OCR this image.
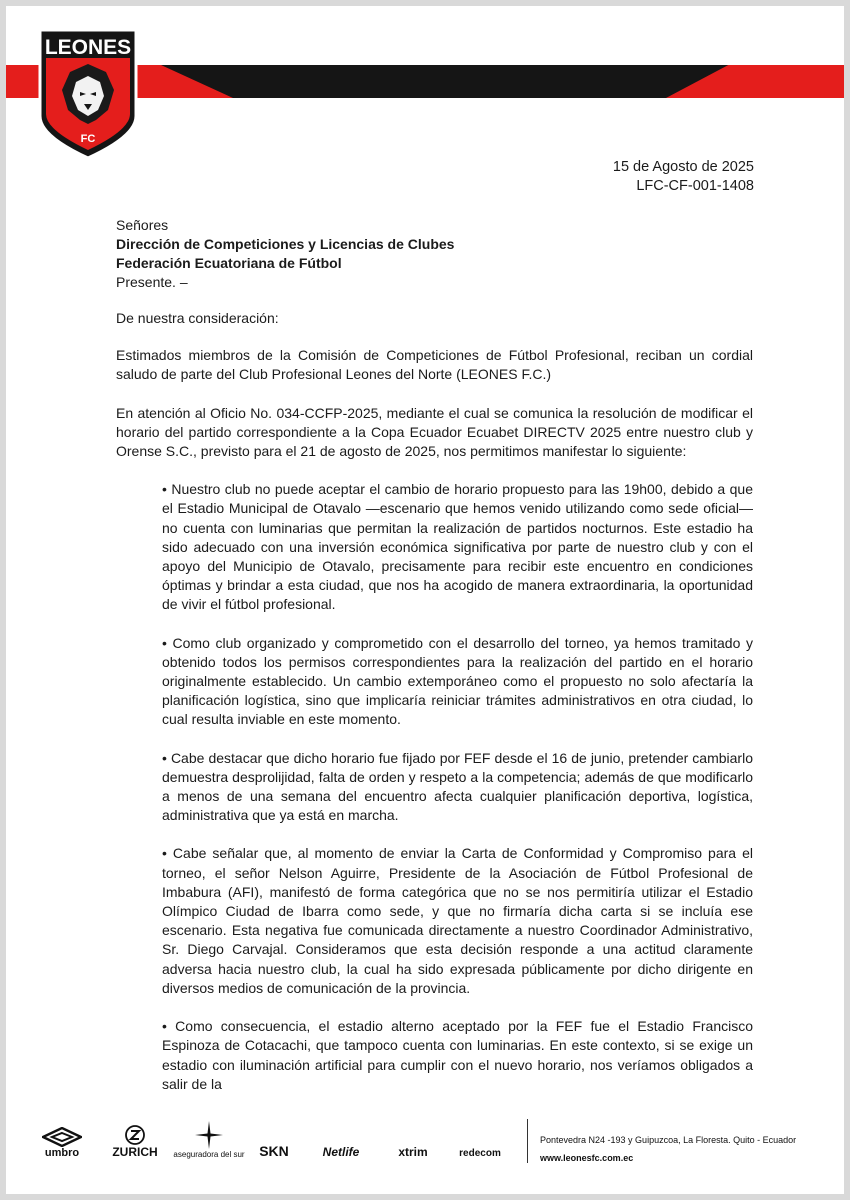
LEONES
FC
15 de Agosto de 2025
LFC-CF-001-1408
Señores
Dirección de Competiciones y Licencias de Clubes
Federación Ecuatoriana de Fútbol
Presente. –

De nuestra consideración:

Estimados miembros de la Comisión de Competiciones de Fútbol Profesional, reciban un cordial saludo de parte del Club Profesional Leones del Norte (LEONES F.C.)

En atención al Oficio No. 034-CCFP-2025, mediante el cual se comunica la resolución de modificar el horario del partido correspondiente a la Copa Ecuador Ecuabet DIRECTV 2025 entre nuestro club y Orense S.C., previsto para el 21 de agosto de 2025, nos permitimos manifestar lo siguiente:

• Nuestro club no puede aceptar el cambio de horario propuesto para las 19h00, debido a que el Estadio Municipal de Otavalo —escenario que hemos venido utilizando como sede oficial— no cuenta con luminarias que permitan la realización de partidos nocturnos. Este estadio ha sido adecuado con una inversión económica significativa por parte de nuestro club y con el apoyo del Municipio de Otavalo, precisamente para recibir este encuentro en condiciones óptimas y brindar a esta ciudad, que nos ha acogido de manera extraordinaria, la oportunidad de vivir el fútbol profesional.

• Como club organizado y comprometido con el desarrollo del torneo, ya hemos tramitado y obtenido todos los permisos correspondientes para la realización del partido en el horario originalmente establecido. Un cambio extemporáneo como el propuesto no solo afectaría la planificación logística, sino que implicaría reiniciar trámites administrativos en otra ciudad, lo cual resulta inviable en este momento.

• Cabe destacar que dicho horario fue fijado por FEF desde el 16 de junio, pretender cambiarlo demuestra desprolijidad, falta de orden y respeto a la competencia; además de que modificarlo a menos de una semana del encuentro afecta cualquier planificación deportiva, logística, administrativa que ya está en marcha.

• Cabe señalar que, al momento de enviar la Carta de Conformidad y Compromiso para el torneo, el señor Nelson Aguirre, Presidente de la Asociación de Fútbol Profesional de Imbabura (AFI), manifestó de forma categórica que no se nos permitiría utilizar el Estadio Olímpico Ciudad de Ibarra como sede, y que no firmaría dicha carta si se incluía ese escenario. Esta negativa fue comunicada directamente a nuestro Coordinador Administrativo, Sr. Diego Carvajal. Consideramos que esta decisión responde a una actitud claramente adversa hacia nuestro club, la cual ha sido expresada públicamente por dicho dirigente en diversos medios de comunicación de la provincia.

• Como consecuencia, el estadio alterno aceptado por la FEF fue el Estadio Francisco Espinoza de Cotacachi, que tampoco cuenta con luminarias. En este contexto, si se exige un estadio con iluminación artificial para cumplir con el nuevo horario, nos veríamos obligados a salir de la

umbro	ZURICH aseguradora del sur SKN	Netlife	xtrim	redecom
Pontevedra N24 -193 y Guipuzcoa, La Floresta. Quito - Ecuador
www.leonesfc.com.ec
